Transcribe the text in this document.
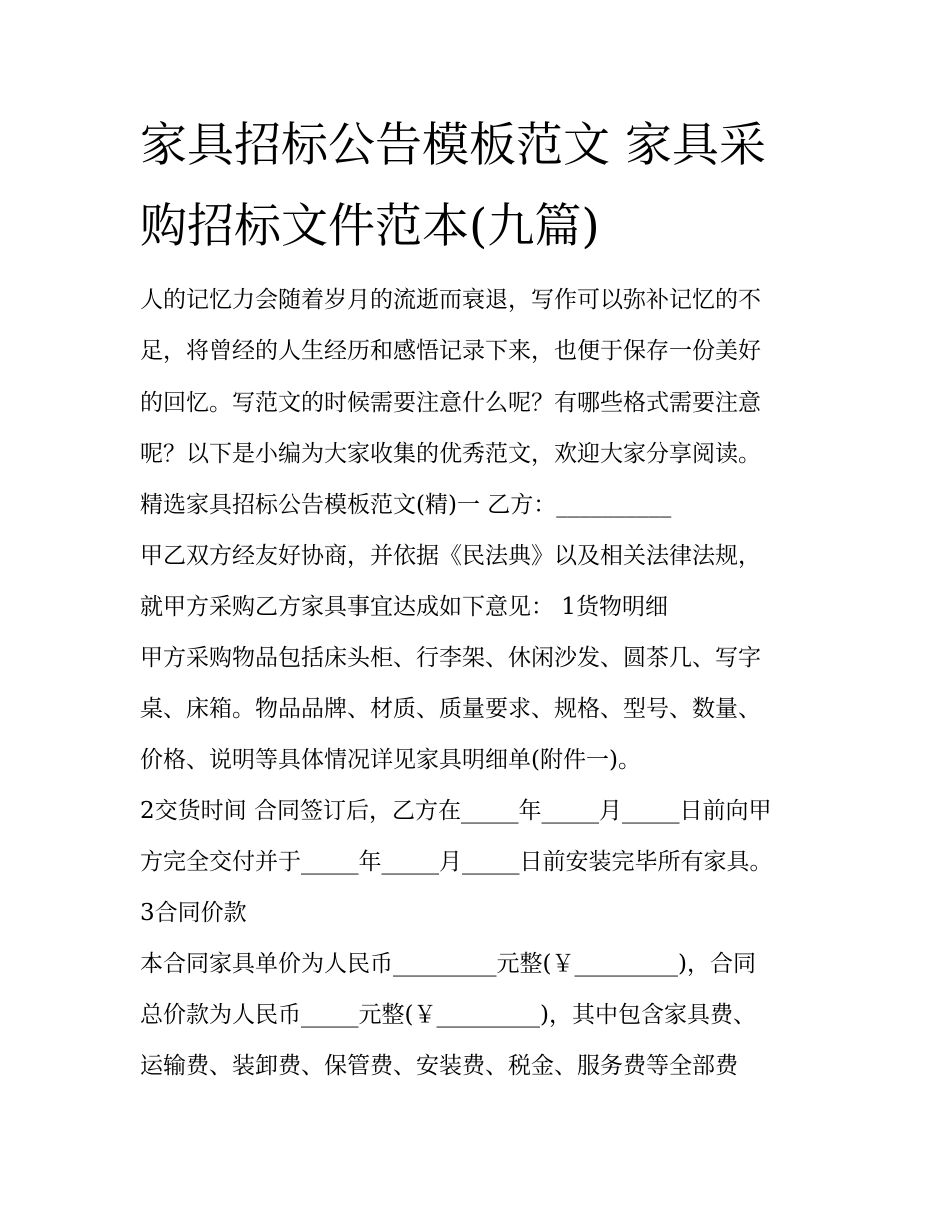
家具招标公告模板范文 家具采
购招标文件范本(九篇)
人的记忆力会随着岁月的流逝而衰退，写作可以弥补记忆的不
足，将曾经的人生经历和感悟记录下来，也便于保存一份美好
的回忆。写范文的时候需要注意什么呢？有哪些格式需要注意
呢？以下是小编为大家收集的优秀范文，欢迎大家分享阅读。
精选家具招标公告模板范文(精)一 乙方：__________
甲乙双方经友好协商，并依据《民法典》以及相关法律法规，
就甲方采购乙方家具事宜达成如下意见： 1货物明细
甲方采购物品包括床头柜、行李架、休闲沙发、圆茶几、写字
桌、床箱。物品品牌、材质、质量要求、规格、型号、数量、
价格、说明等具体情况详见家具明细单(附件一)。
2交货时间 合同签订后，乙方在_____年_____月_____日前向甲
方完全交付并于_____年_____月_____日前安装完毕所有家具。
3合同价款
本合同家具单价为人民币_________元整(￥_________)，合同
总价款为人民币_____元整(￥_________)，其中包含家具费、
运输费、装卸费、保管费、安装费、税金、服务费等全部费
